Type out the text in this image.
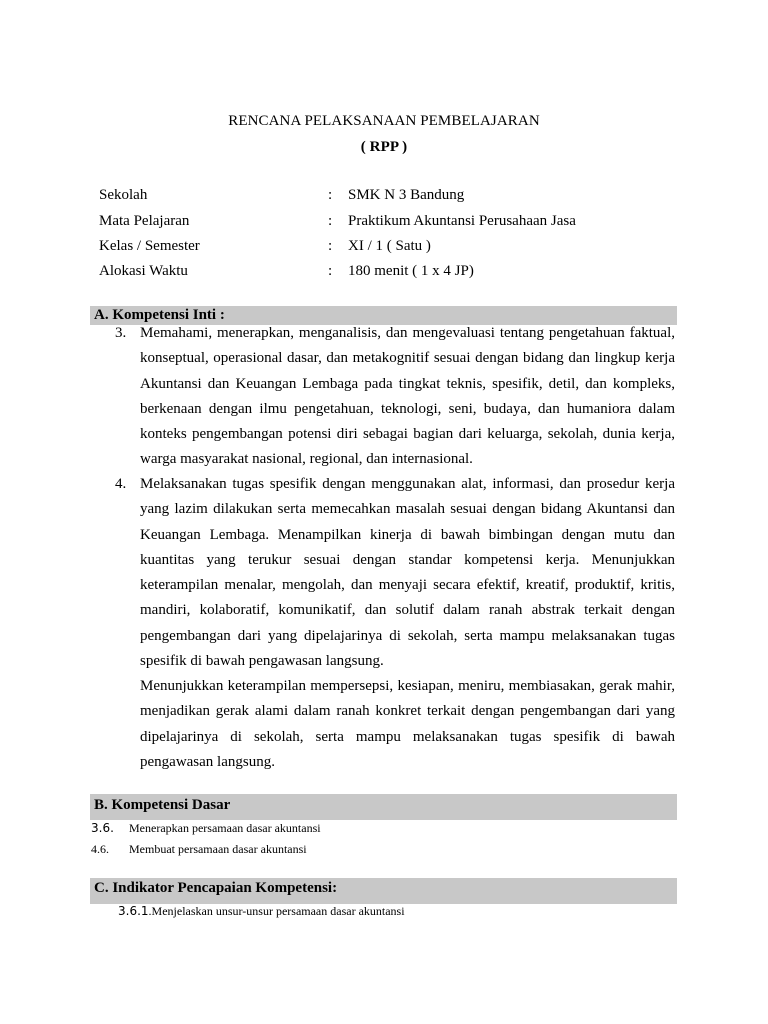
RENCANA PELAKSANAAN PEMBELAJARAN
( RPP )
Sekolah	: SMK N 3 Bandung
Mata Pelajaran	: Praktikum Akuntansi Perusahaan Jasa
Kelas / Semester	: XI / 1 ( Satu )
Alokasi Waktu	: 180 menit ( 1 x 4 JP)
A. Kompetensi Inti :
3. Memahami, menerapkan, menganalisis, dan mengevaluasi tentang pengetahuan faktual, konseptual, operasional dasar, dan metakognitif sesuai dengan bidang dan lingkup kerja Akuntansi dan Keuangan Lembaga pada tingkat teknis, spesifik, detil, dan kompleks, berkenaan dengan ilmu pengetahuan, teknologi, seni, budaya, dan humaniora dalam konteks pengembangan potensi diri sebagai bagian dari keluarga, sekolah, dunia kerja, warga masyarakat nasional, regional, dan internasional.
4. Melaksanakan tugas spesifik dengan menggunakan alat, informasi, dan prosedur kerja yang lazim dilakukan serta memecahkan masalah sesuai dengan bidang Akuntansi dan Keuangan Lembaga. Menampilkan kinerja di bawah bimbingan dengan mutu dan kuantitas yang terukur sesuai dengan standar kompetensi kerja. Menunjukkan keterampilan menalar, mengolah, dan menyaji secara efektif, kreatif, produktif, kritis, mandiri, kolaboratif, komunikatif, dan solutif dalam ranah abstrak terkait dengan pengembangan dari yang dipelajarinya di sekolah, serta mampu melaksanakan tugas spesifik di bawah pengawasan langsung.
Menunjukkan keterampilan mempersepsi, kesiapan, meniru, membiasakan, gerak mahir, menjadikan gerak alami dalam ranah konkret terkait dengan pengembangan dari yang dipelajarinya di sekolah, serta mampu melaksanakan tugas spesifik di bawah pengawasan langsung.
B. Kompetensi Dasar
3.6. Menerapkan persamaan dasar akuntansi
4.6. Membuat persamaan dasar akuntansi
C. Indikator Pencapaian Kompetensi:
3.6.1.Menjelaskan unsur-unsur persamaan dasar akuntansi
